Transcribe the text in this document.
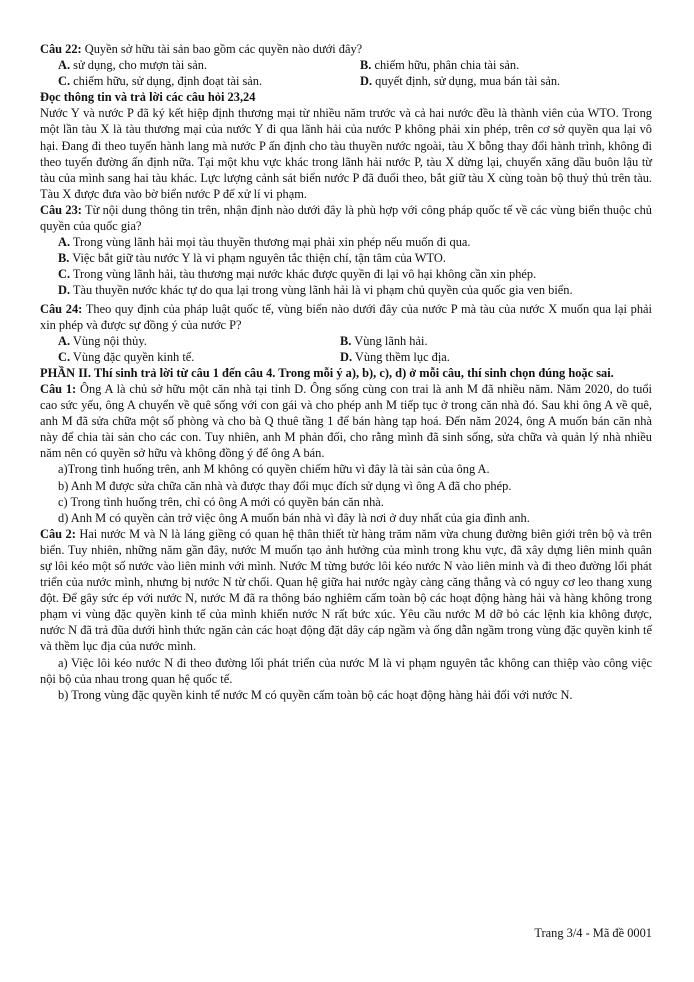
Câu 22: Quyền sở hữu tài sản bao gồm các quyền nào dưới đây?
A. sử dụng, cho mượn tài sản.	B. chiếm hữu, phân chia tài sản.
C. chiếm hữu, sử dụng, định đoạt tài sản.	D. quyết định, sử dụng, mua bán tài sản.
Đọc thông tin và trả lời các câu hỏi 23,24
Nước Y và nước P đã ký kết hiệp định thương mại từ nhiều năm trước và cả hai nước đều là thành viên của WTO. Trong một lần tàu X là tàu thương mại của nước Y đi qua lãnh hải của nước P không phải xin phép, trên cơ sở quyền qua lại vô hại. Đang đi theo tuyến hành lang mà nước P ấn định cho tàu thuyền nước ngoài, tàu X bỗng thay đổi hành trình, không đi theo tuyến đường ấn định nữa. Tại một khu vực khác trong lãnh hải nước P, tàu X dừng lại, chuyển xăng dầu buôn lậu từ tàu của mình sang hai tàu khác. Lực lượng cảnh sát biển nước P đã đuổi theo, bắt giữ tàu X cùng toàn bộ thuỷ thủ trên tàu. Tàu X được đưa vào bờ biển nước P để xử lí vi phạm.
Câu 23: Từ nội dung thông tin trên, nhận định nào dưới đây là phù hợp với công pháp quốc tế về các vùng biển thuộc chủ quyền của quốc gia?
A. Trong vùng lãnh hải mọi tàu thuyền thương mại phải xin phép nếu muốn đi qua.
B. Việc bắt giữ tàu nước Y là vi phạm nguyên tắc thiện chí, tận tâm của WTO.
C. Trong vùng lãnh hải, tàu thương mại nước khác được quyền đi lại vô hại không cần xin phép.
D. Tàu thuyền nước khác tự do qua lại trong vùng lãnh hải là vi phạm chủ quyền của quốc gia ven biển.
Câu 24: Theo quy định của pháp luật quốc tế, vùng biển nào dưới đây của nước P mà tàu của nước X muốn qua lại phải xin phép và được sự đồng ý của nước P?
A. Vùng nội thủy.	B. Vùng lãnh hải.
C. Vùng đặc quyền kinh tế.	D. Vùng thềm lục địa.
PHẦN II. Thí sinh trả lời từ câu 1 đến câu 4. Trong mỗi ý a), b), c), d) ở mỗi câu, thí sinh chọn đúng hoặc sai.
Câu 1: Ông A là chủ sở hữu một căn nhà tại tỉnh D. Ông sống cùng con trai là anh M đã nhiều năm. Năm 2020, do tuổi cao sức yếu, ông A chuyển về quê sống với con gái và cho phép anh M tiếp tục ở trong căn nhà đó. Sau khi ông A về quê, anh M đã sửa chữa một số phòng và cho bà Q thuê tầng 1 để bán hàng tạp hoá. Đến năm 2024, ông A muốn bán căn nhà này để chia tài sản cho các con. Tuy nhiên, anh M phản đối, cho rằng mình đã sinh sống, sửa chữa và quản lý nhà nhiều năm nên có quyền sở hữu và không đồng ý để ông A bán.
a)Trong tình huống trên, anh M không có quyền chiếm hữu vì đây là tài sản của ông A.
b) Anh M được sửa chữa căn nhà và được thay đổi mục đích sử dụng vì ông A đã cho phép.
c) Trong tình huống trên, chỉ có ông A mới có quyền bán căn nhà.
d) Anh M có quyền cản trở việc ông A muốn bán nhà vì đây là nơi ở duy nhất của gia đình anh.
Câu 2: Hai nước M và N là láng giềng có quan hệ thân thiết từ hàng trăm năm vừa chung đường biên giới trên bộ và trên biển. Tuy nhiên, những năm gần đây, nước M muốn tạo ảnh hưởng của mình trong khu vực, đã xây dựng liên minh quân sự lôi kéo một số nước vào liên minh với mình. Nước M từng bước lôi kéo nước N vào liên minh và đi theo đường lối phát triển của nước mình, nhưng bị nước N từ chối. Quan hệ giữa hai nước ngày càng căng thẳng và có nguy cơ leo thang xung đột. Để gây sức ép với nước N, nước M đã ra thông báo nghiêm cấm toàn bộ các hoạt động hàng hải và hàng không trong phạm vi vùng đặc quyền kinh tế của mình khiến nước N rất bức xúc. Yêu cầu nước M dỡ bỏ các lệnh kia không được, nước N đã trả đũa dưới hình thức ngăn cản các hoạt động đặt dây cáp ngầm và ống dẫn ngầm trong vùng đặc quyền kinh tế và thềm lục địa của nước mình.
a) Việc lôi kéo nước N đi theo đường lối phát triển của nước M là vi phạm nguyên tắc không can thiệp vào công việc nội bộ của nhau trong quan hệ quốc tế.
b) Trong vùng đặc quyền kinh tế nước M có quyền cấm toàn bộ các hoạt động hàng hải đối với nước N.
Trang 3/4 - Mã đề 0001
